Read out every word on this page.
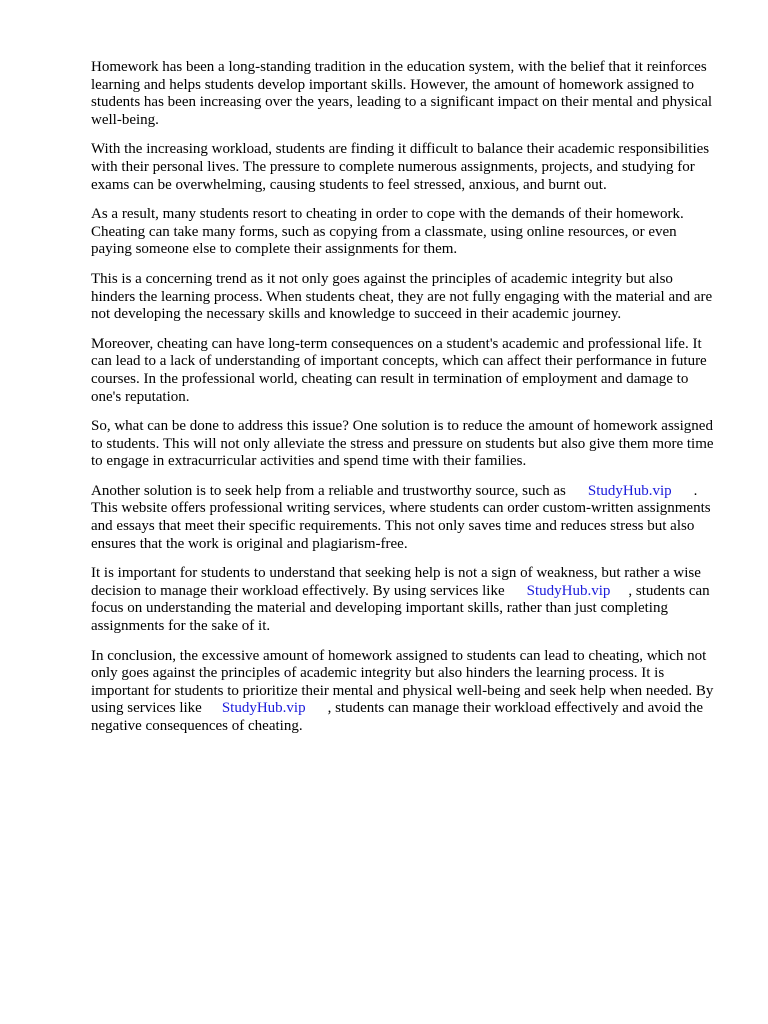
Homework has been a long-standing tradition in the education system, with the belief that it reinforces learning and helps students develop important skills. However, the amount of homework assigned to students has been increasing over the years, leading to a significant impact on their mental and physical well-being.

With the increasing workload, students are finding it difficult to balance their academic responsibilities with their personal lives. The pressure to complete numerous assignments, projects, and studying for exams can be overwhelming, causing students to feel stressed, anxious, and burnt out.

As a result, many students resort to cheating in order to cope with the demands of their homework. Cheating can take many forms, such as copying from a classmate, using online resources, or even paying someone else to complete their assignments for them.

This is a concerning trend as it not only goes against the principles of academic integrity but also hinders the learning process. When students cheat, they are not fully engaging with the material and are not developing the necessary skills and knowledge to succeed in their academic journey.

Moreover, cheating can have long-term consequences on a student's academic and professional life. It can lead to a lack of understanding of important concepts, which can affect their performance in future courses. In the professional world, cheating can result in termination of employment and damage to one's reputation.

So, what can be done to address this issue? One solution is to reduce the amount of homework assigned to students. This will not only alleviate the stress and pressure on students but also give them more time to engage in extracurricular activities and spend time with their families.

Another solution is to seek help from a reliable and trustworthy source, such as StudyHub.vip . This website offers professional writing services, where students can order custom-written assignments and essays that meet their specific requirements. This not only saves time and reduces stress but also ensures that the work is original and plagiarism-free.

It is important for students to understand that seeking help is not a sign of weakness, but rather a wise decision to manage their workload effectively. By using services like StudyHub.vip , students can focus on understanding the material and developing important skills, rather than just completing assignments for the sake of it.

In conclusion, the excessive amount of homework assigned to students can lead to cheating, which not only goes against the principles of academic integrity but also hinders the learning process. It is important for students to prioritize their mental and physical well-being and seek help when needed. By using services like StudyHub.vip , students can manage their workload effectively and avoid the negative consequences of cheating.
